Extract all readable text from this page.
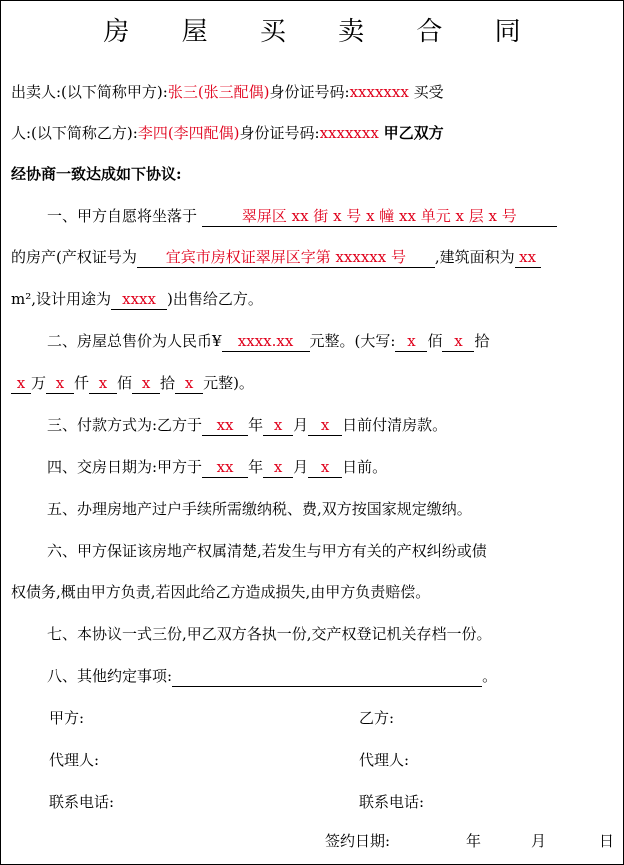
房 屋 买 卖 合 同
出卖人:(以下简称甲方):张三(张三配偶)身份证号码:xxxxxxx 买受
人:(以下简称乙方):李四(李四配偶)身份证号码:xxxxxxx 甲乙双方
经协商一致达成如下协议:
一、甲方自愿将坐落于	翠屏区 xx 街 x 号 x 幢 xx 单元 x 层 x 号
的房产(产权证号为 宜宾市房权证翠屏区字第 xxxxxx 号 ,建筑面积为 xx
m²,设计用途为 xxxx )出售给乙方。
二、房屋总售价为人民币¥ xxxx.xx 元整。(大写: x 佰 x 拾
x 万 x 仟 x 佰 x 拾 x 元整)。
三、付款方式为:乙方于 xx 年 x 月 x 日前付清房款。
四、交房日期为:甲方于 xx 年 x 月 x 日前。
五、办理房地产过户手续所需缴纳税、费,双方按国家规定缴纳。
六、甲方保证该房地产权属清楚,若发生与甲方有关的产权纠纷或债
权债务,概由甲方负责,若因此给乙方造成损失,由甲方负责赔偿。
七、本协议一式三份,甲乙双方各执一份,交产权登记机关存档一份。
八、其他约定事项:	。
甲方:	乙方:
代理人:	代理人:
联系电话:	联系电话:
签约日期:	年	月	日
